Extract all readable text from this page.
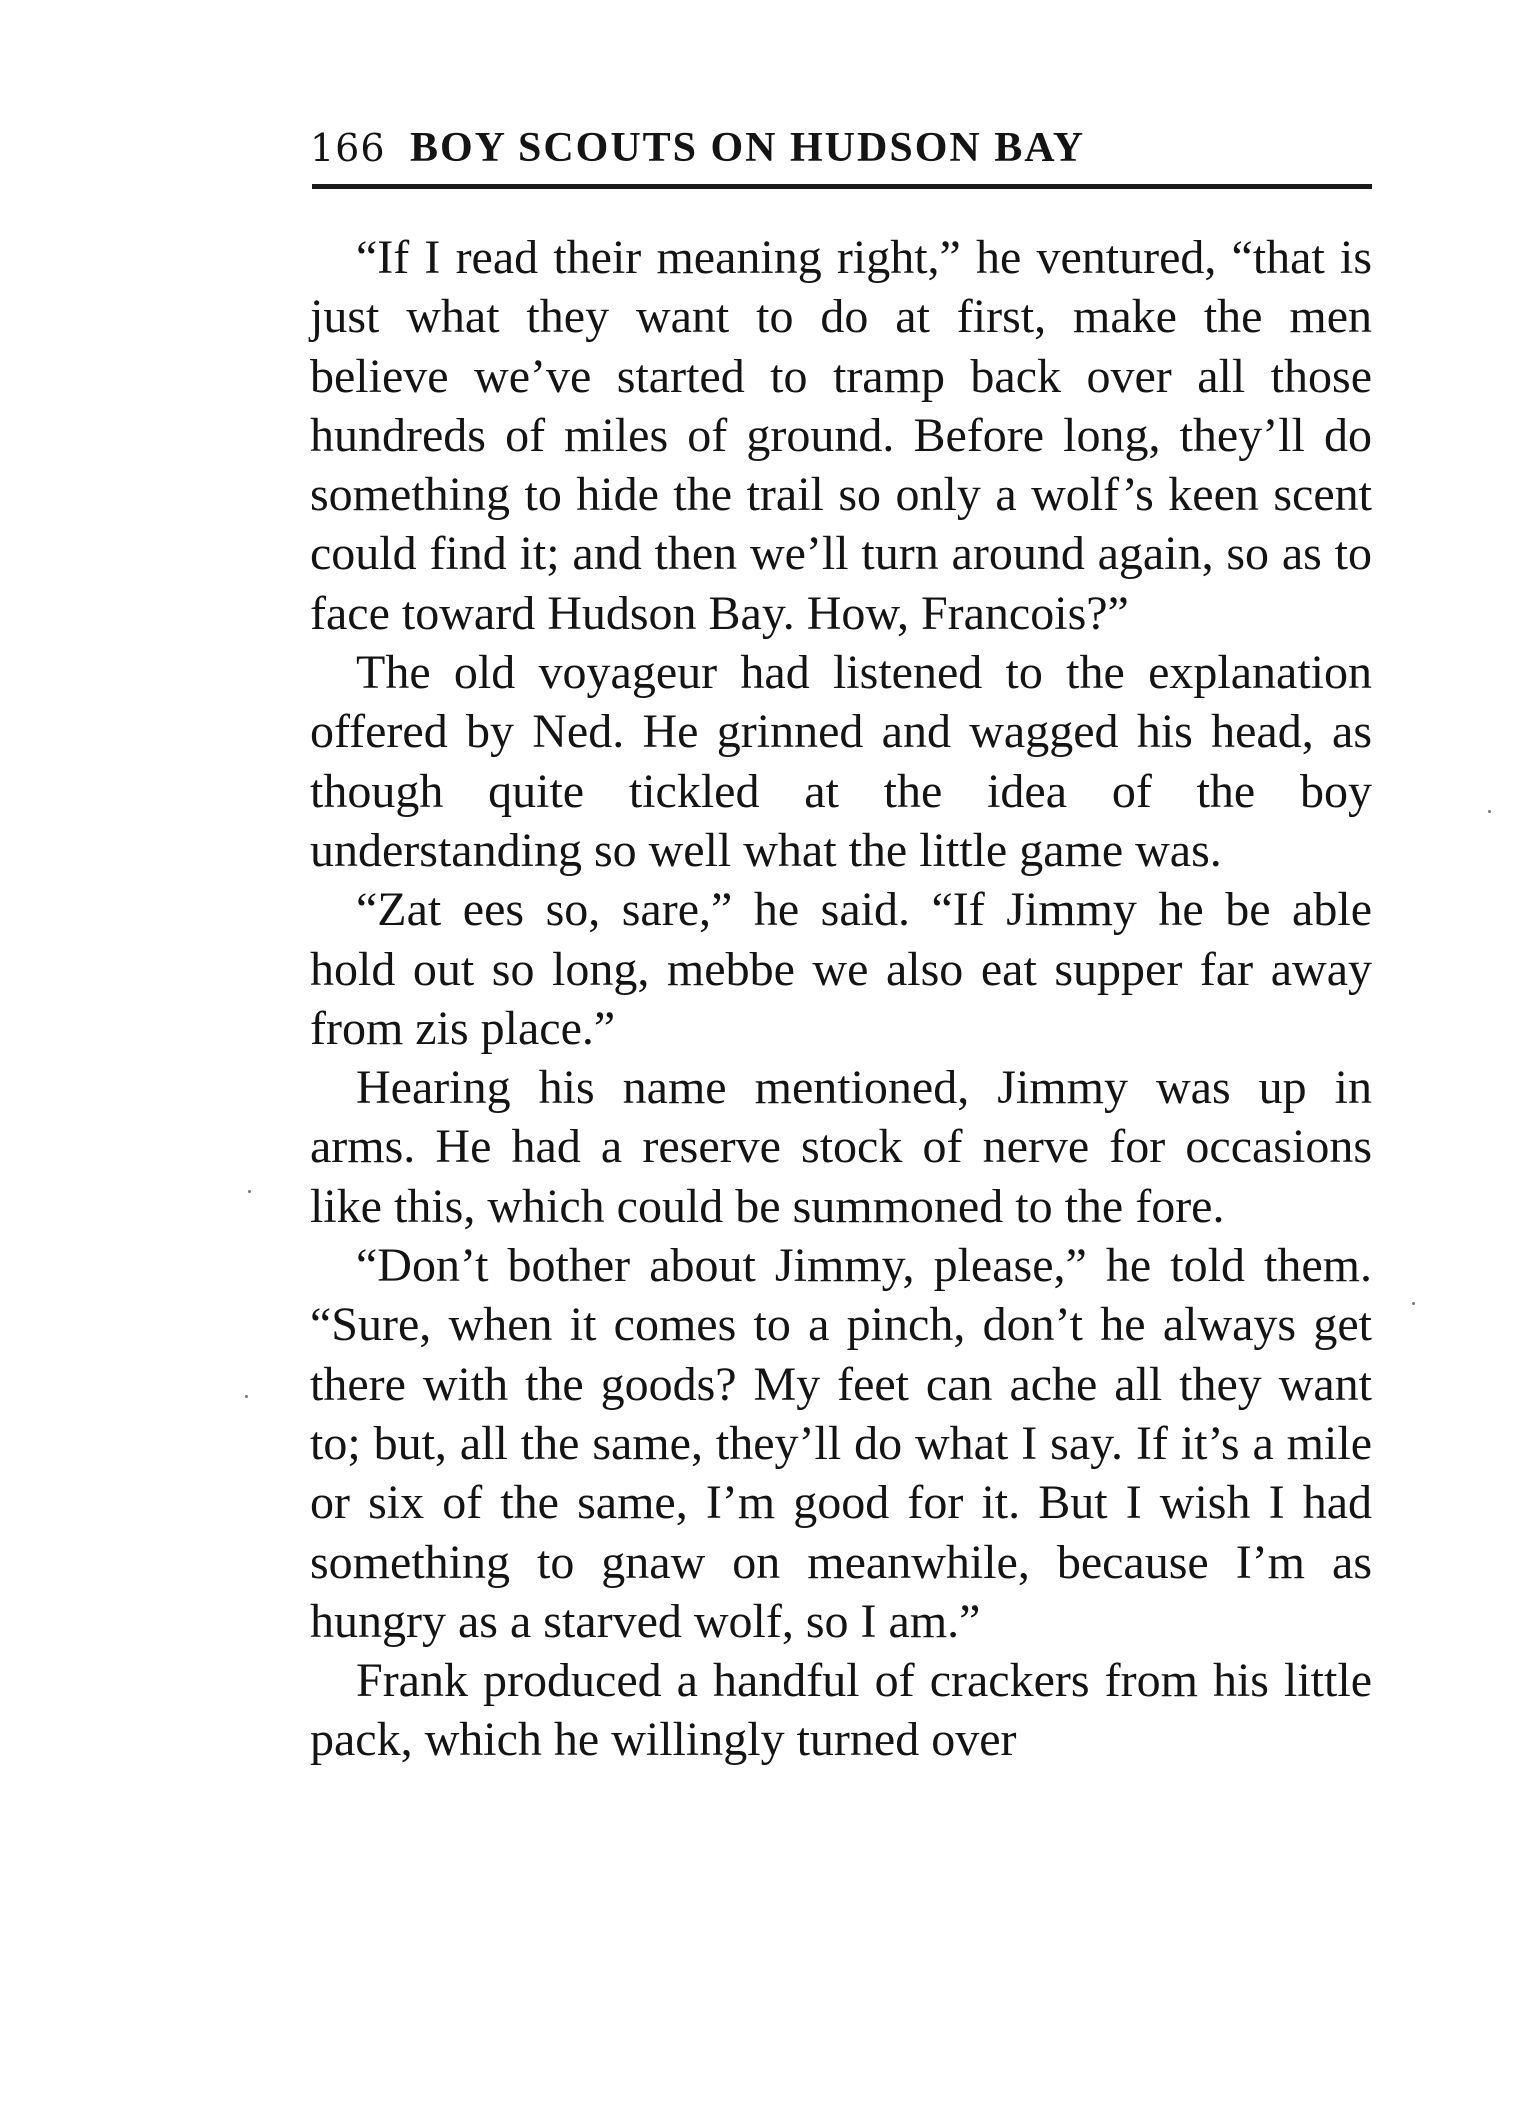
166 BOY SCOUTS ON HUDSON BAY

“If I read their meaning right,” he ventured, “that is just what they want to do at first, make the men believe we’ve started to tramp back over all those hundreds of miles of ground. Before long, they’ll do something to hide the trail so only a wolf’s keen scent could find it; and then we’ll turn around again, so as to face toward Hudson Bay. How, Francois?”

The old voyageur had listened to the explanation offered by Ned. He grinned and wagged his head, as though quite tickled at the idea of the boy understanding so well what the little game was.

“Zat ees so, sare,” he said. “If Jimmy he be able hold out so long, mebbe we also eat supper far away from zis place.”

Hearing his name mentioned, Jimmy was up in arms. He had a reserve stock of nerve for occasions like this, which could be summoned to the fore.

“Don’t bother about Jimmy, please,” he told them. “Sure, when it comes to a pinch, don’t he always get there with the goods? My feet can ache all they want to; but, all the same, they’ll do what I say. If it’s a mile or six of the same, I’m good for it. But I wish I had something to gnaw on meanwhile, because I’m as hungry as a starved wolf, so I am.”

Frank produced a handful of crackers from his little pack, which he willingly turned over
